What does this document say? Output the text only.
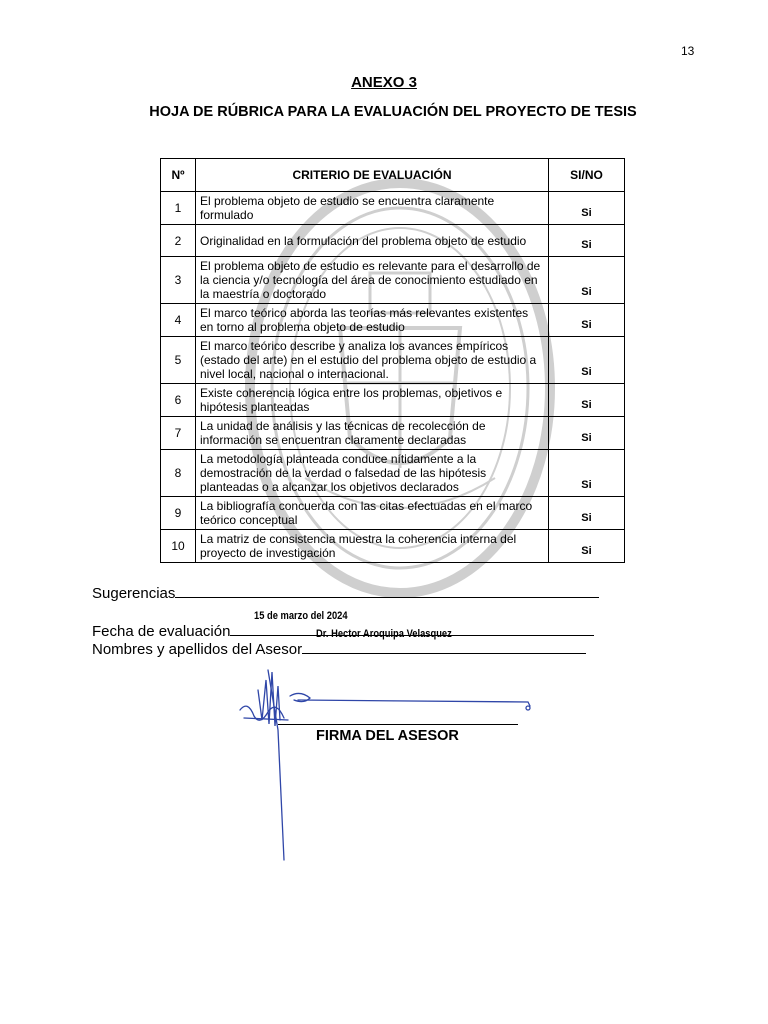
13
ANEXO 3
HOJA DE RÚBRICA PARA LA EVALUACIÓN DEL PROYECTO DE TESIS
Nº	CRITERIO DE EVALUACIÓN	SI/NO
1	El problema objeto de estudio se encuentra claramente formulado	Si
2	Originalidad en la formulación del problema objeto de estudio	Si
3	El problema objeto de estudio es relevante para el desarrollo de la ciencia y/o tecnología del área de conocimiento estudiado en la maestría o doctorado	Si
4	El marco teórico aborda las teorías más relevantes existentes en torno al problema objeto de estudio	Si
5	El marco teórico describe y analiza los avances empíricos (estado del arte) en el estudio del problema objeto de estudio a nivel local, nacional o internacional.	Si
6	Existe coherencia lógica entre los problemas, objetivos e hipótesis planteadas	Si
7	La unidad de análisis y las técnicas de recolección de información se encuentran claramente declaradas	Si
8	La metodología planteada conduce nítidamente a la demostración de la verdad o falsedad de las hipótesis planteadas o a alcanzar los objetivos declarados	Si
9	La bibliografía concuerda con las citas efectuadas en el marco teórico conceptual	Si
10	La matriz de consistencia muestra la coherencia interna del proyecto de investigación	Si
Sugerencias
Fecha de evaluación
15 de marzo del 2024
Nombres y apellidos del Asesor
Dr. Hector Aroquipa Velasquez
FIRMA DEL ASESOR
